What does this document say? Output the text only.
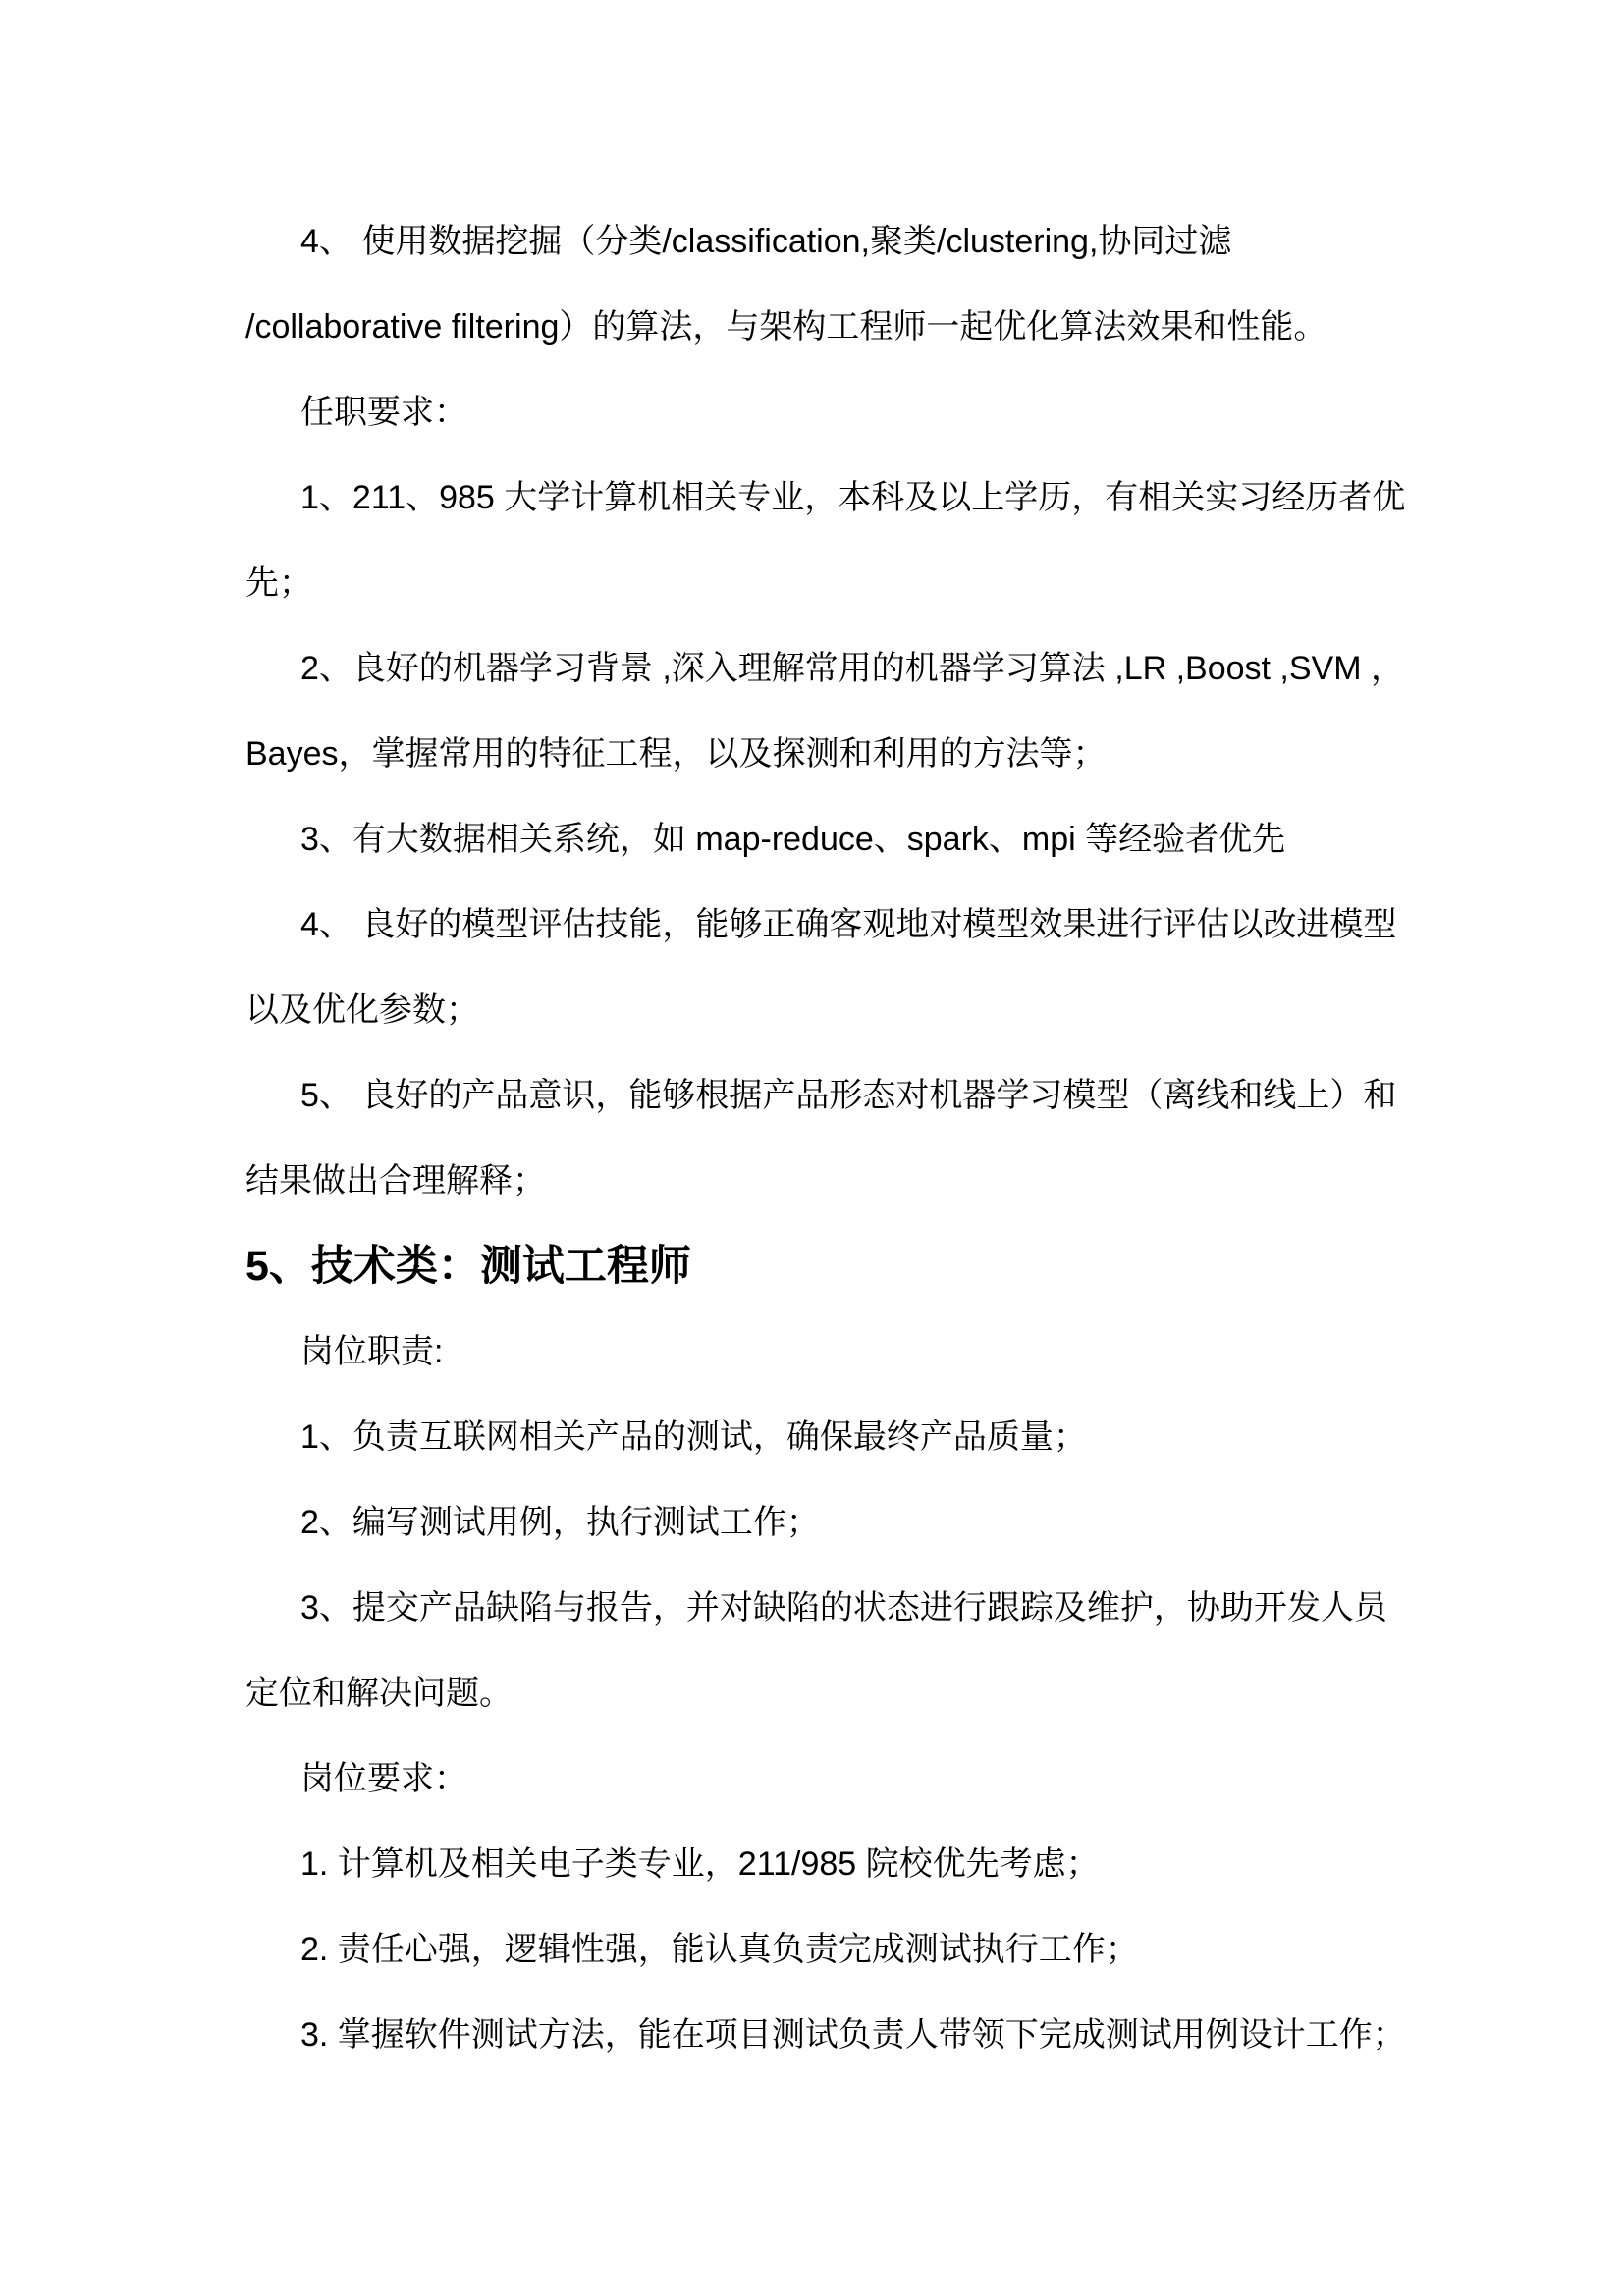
4、 使用数据挖掘（分类/classification,聚类/clustering,协同过滤
/collaborative filtering）的算法，与架构工程师一起优化算法效果和性能。
任职要求：
1、211、985 大学计算机相关专业，本科及以上学历，有相关实习经历者优
先；
2、良好的机器学习背景 ,深入理解常用的机器学习算法 ,LR ,Boost ,SVM ，
Bayes，掌握常用的特征工程，以及探测和利用的方法等；
3、有大数据相关系统，如 map-reduce、spark、mpi 等经验者优先
4、 良好的模型评估技能，能够正确客观地对模型效果进行评估以改进模型
以及优化参数；
5、 良好的产品意识，能够根据产品形态对机器学习模型（离线和线上）和
结果做出合理解释；
5、技术类：测试工程师
岗位职责:
1、负责互联网相关产品的测试，确保最终产品质量；
2、编写测试用例，执行测试工作；
3、提交产品缺陷与报告，并对缺陷的状态进行跟踪及维护，协助开发人员
定位和解决问题。
岗位要求：
1. 计算机及相关电子类专业，211/985 院校优先考虑；
2. 责任心强，逻辑性强，能认真负责完成测试执行工作；
3. 掌握软件测试方法，能在项目测试负责人带领下完成测试用例设计工作；
